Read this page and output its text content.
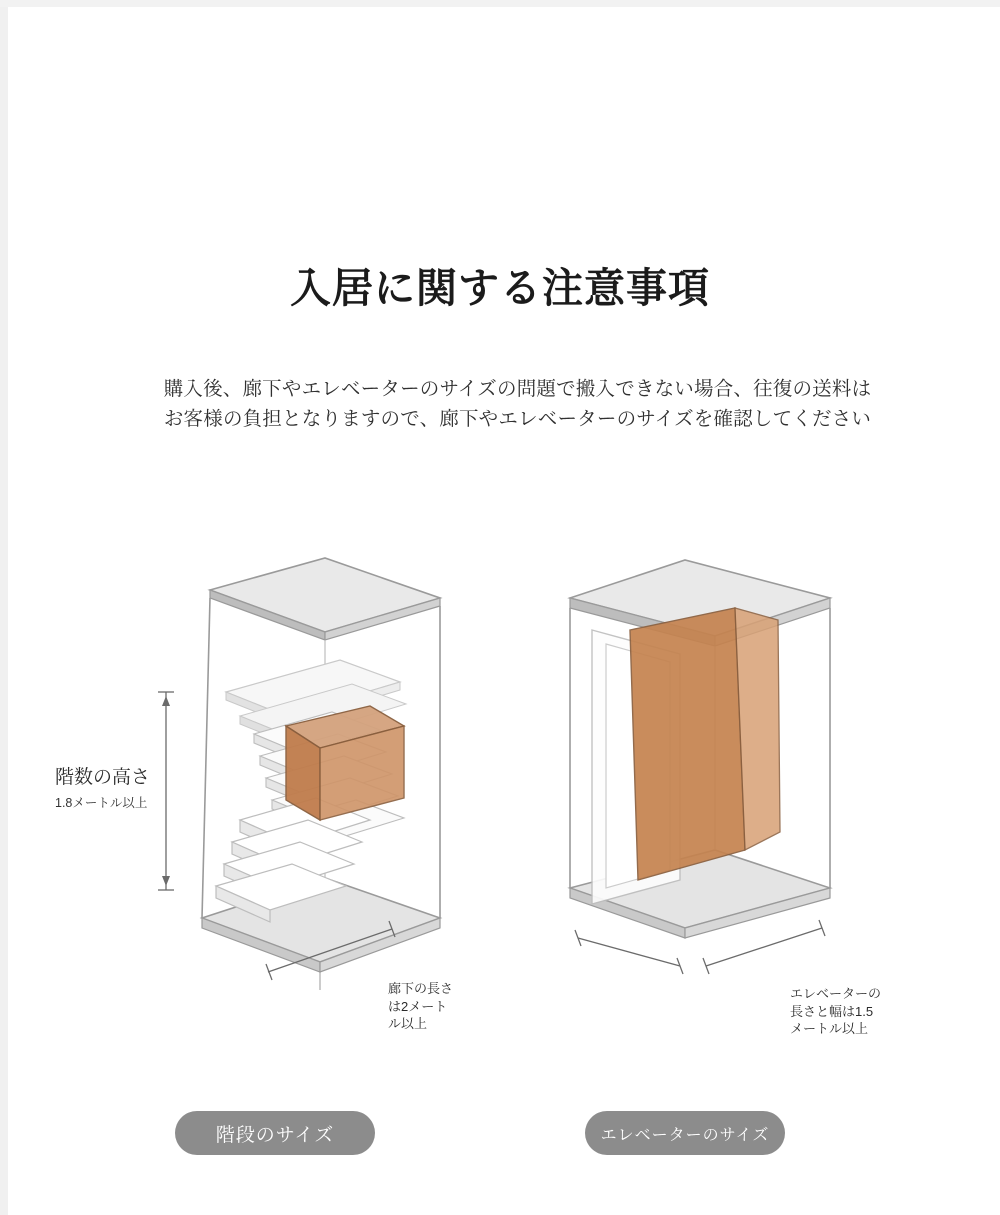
入居に関する注意事項
購入後、廊下やエレベーターのサイズの問題で搬入できない場合、往復の送料は
お客様の負担となりますので、廊下やエレベーターのサイズを確認してください
階数の高さ
1.8メートル以上
廊下の長さ
は2メート
ル以上
エレベーターの
長さと幅は1.5
メートル以上
階段のサイズ	エレベーターのサイズ
